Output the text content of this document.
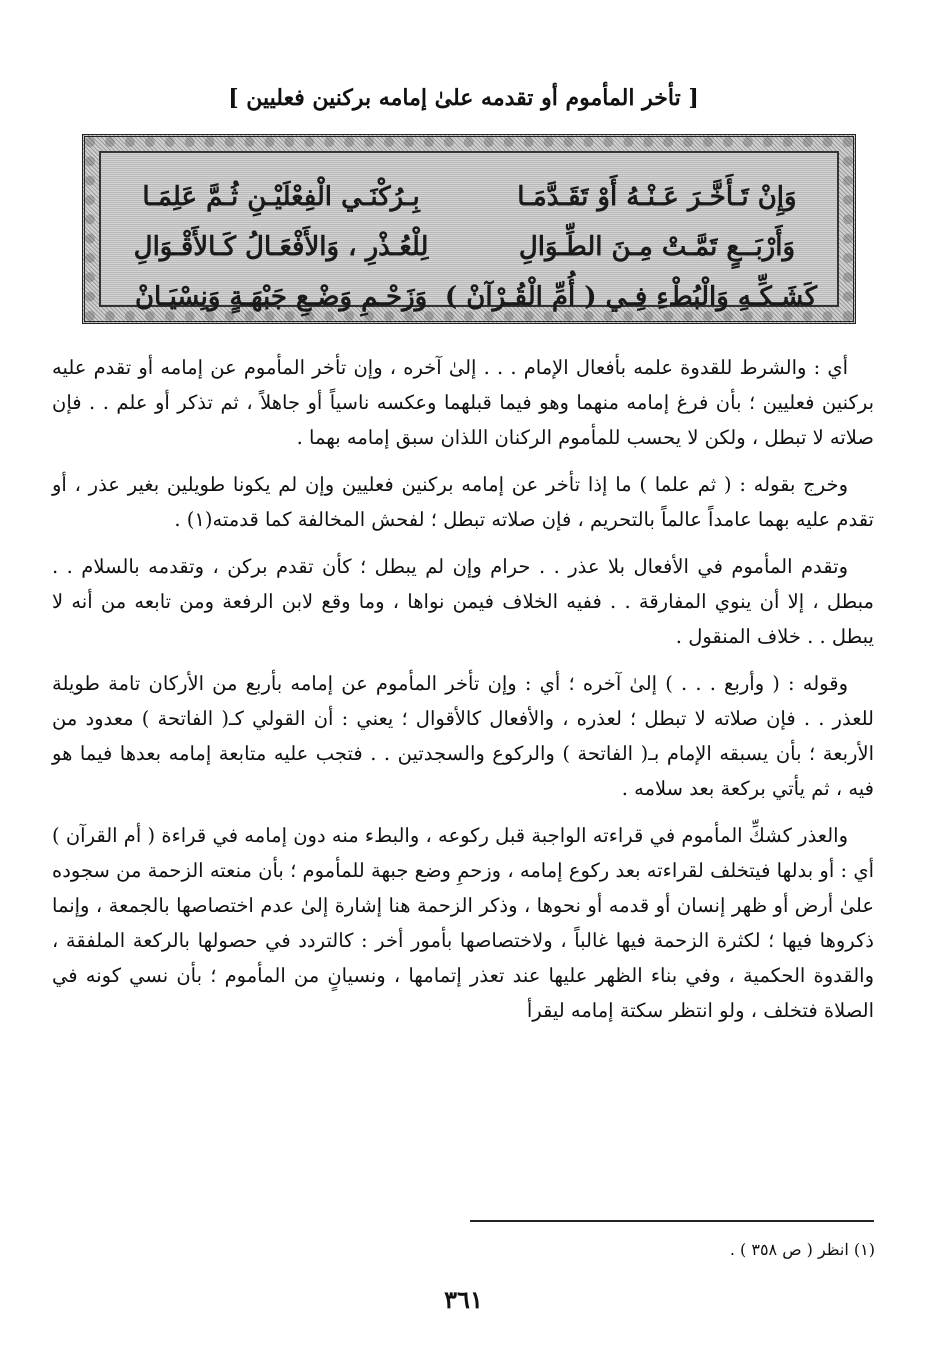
[ تأخر المأموم أو تقدمه علىٰ إمامه بركنين فعليين ]
وَإِنْ تَـأَخَّـرَ عَـنْـهُ أَوْ تَقَـدَّمَـا
بِـرُكْنَـي الْفِعْلَيْـنِ ثُـمَّ عَلِمَـا
وَأَرْبَــعٍ تَمَّـتْ مِـنَ الطِّـوَالِ
لِلْعُـذْرِ ، وَالأَفْعَـالُ كَـالأَقْـوَالِ
كَشَـكِّـهِ وَالْبُطْءِ فِـي ( أُمِّ الْقُـرْآنْ )
وَزَحْـمِ وَضْـعِ جَبْهَـةٍ وَنِسْيَـانْ

أي : والشرط للقدوة علمه بأفعال الإمام . . . إلىٰ آخره ، وإن تأخر المأموم عن إمامه أو تقدم عليه بركنين فعليين ؛ بأن فرغ إمامه منهما وهو فيما قبلهما وعكسه ناسياً أو جاهلاً ، ثم تذكر أو علم . . فإن صلاته لا تبطل ، ولكن لا يحسب للمأموم الركنان اللذان سبق إمامه بهما .

وخرج بقوله : ( ثم علما ) ما إذا تأخر عن إمامه بركنين فعليين وإن لم يكونا طويلين بغير عذر ، أو تقدم عليه بهما عامداً عالماً بالتحريم ، فإن صلاته تبطل ؛ لفحش المخالفة كما قدمته(١) .

وتقدم المأموم في الأفعال بلا عذر . . حرام وإن لم يبطل ؛ كأن تقدم بركن ، وتقدمه بالسلام . . مبطل ، إلا أن ينوي المفارقة . . ففيه الخلاف فيمن نواها ، وما وقع لابن الرفعة ومن تابعه من أنه لا يبطل . . خلاف المنقول .

وقوله : ( وأربع . . . ) إلىٰ آخره ؛ أي : وإن تأخر المأموم عن إمامه بأربع من الأركان تامة طويلة للعذر . . فإن صلاته لا تبطل ؛ لعذره ، والأفعال كالأقوال ؛ يعني : أن القولي كـ( الفاتحة ) معدود من الأربعة ؛ بأن يسبقه الإمام بـ( الفاتحة ) والركوع والسجدتين . . فتجب عليه متابعة إمامه بعدها فيما هو فيه ، ثم يأتي بركعة بعد سلامه .

والعذر كشكِّ المأموم في قراءته الواجبة قبل ركوعه ، والبطء منه دون إمامه في قراءة ( أم القرآن ) أي : أو بدلها فيتخلف لقراءته بعد ركوع إمامه ، وزحمِ وضع جبهة للمأموم ؛ بأن منعته الزحمة من سجوده علىٰ أرض أو ظهر إنسان أو قدمه أو نحوها ، وذكر الزحمة هنا إشارة إلىٰ عدم اختصاصها بالجمعة ، وإنما ذكروها فيها ؛ لكثرة الزحمة فيها غالباً ، ولاختصاصها بأمور أخر : كالتردد في حصولها بالركعة الملفقة ، والقدوة الحكمية ، وفي بناء الظهر عليها عند تعذر إتمامها ، ونسيانٍ من المأموم ؛ بأن نسي كونه في الصلاة فتخلف ، ولو انتظر سكتة إمامه ليقرأ

(١) انظر ( ص ٣٥٨ ) .
٣٦١
